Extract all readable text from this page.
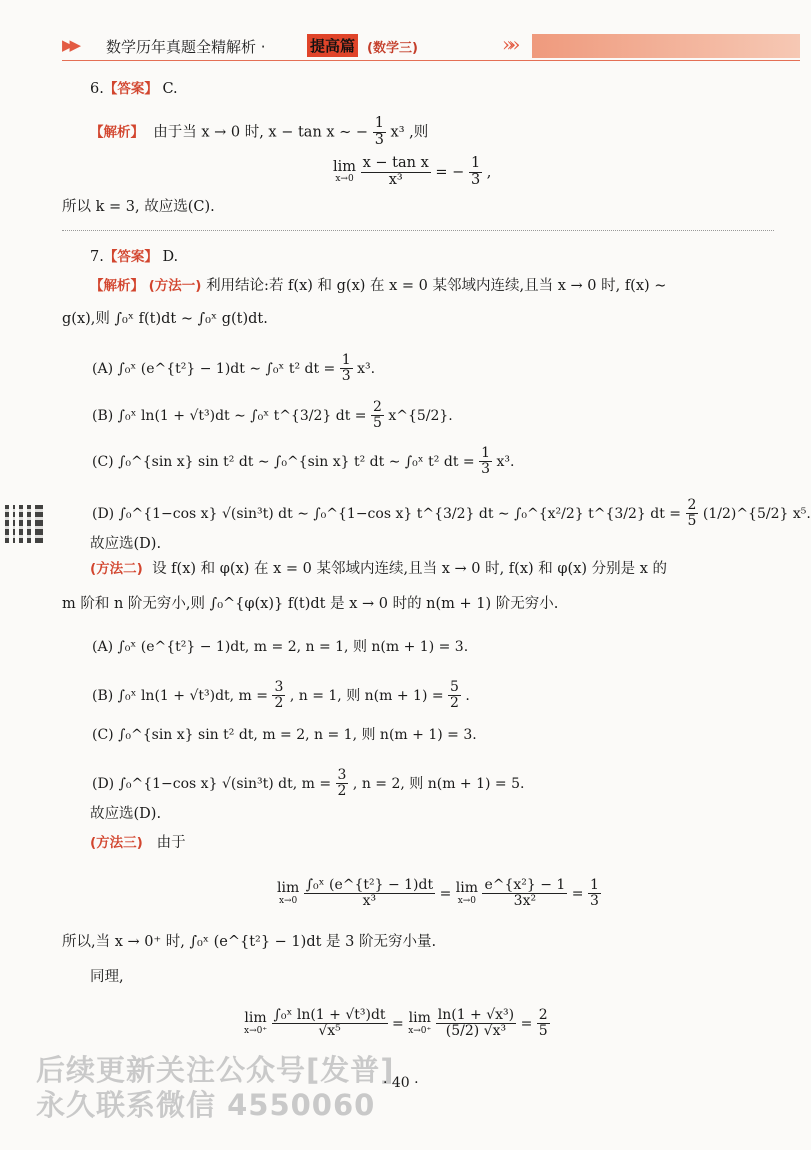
▶▶ 数学历年真题全精解析 ·	提高篇 (数学三)	»»
6.【答案】 C.
【解析】 由于当 x → 0 时, x − tan x ∼ − $\frac{1}{3} x^3$ ,则
lim
x→0
$\frac{\text{x − tan x}}{\text{x³}}$ = − $\frac{1}{3}$ ,
所以 k = 3, 故应选(C).
7.【答案】 D.
【解析】 (方法一) 利用结论:若 f(x) 和 g(x) 在 x = 0 某邻域内连续,且当 x → 0 时, f(x) ∼
g(x),则 ∫₀ˣ f(t)dt ∼ ∫₀ˣ g(t)dt.
(A) ∫₀ˣ (e^{t²} − 1)dt ∼ ∫₀ˣ t² dt = $\frac{1}{3} x^3$.
(B) ∫₀ˣ ln(1 + √t³)dt ∼ ∫₀ˣ t^{3/2} dt = $\frac{2}{5}$ x^{5/2}.
(C) ∫₀^{sin x} sin t² dt ∼ ∫₀^{sin x} t² dt ∼ ∫₀ˣ t² dt = $\frac{1}{3} x^3$.
(D) ∫₀^{1−cos x} √(sin³t) dt ∼ ∫₀^{1−cos x} t^{3/2} dt ∼ ∫₀^{x²/2} t^{3/2} dt = $\frac{2}{5}$ (1/2)^{5/2} x⁵.
故应选(D).
(方法二) 设 f(x) 和 φ(x) 在 x = 0 某邻域内连续,且当 x → 0 时, f(x) 和 φ(x) 分别是 x 的
m 阶和 n 阶无穷小,则 ∫₀^{φ(x)} f(t)dt 是 x → 0 时的 n(m + 1) 阶无穷小.
(A) ∫₀ˣ (e^{t²} − 1)dt, m = 2, n = 1, 则 n(m + 1) = 3.
(B) ∫₀ˣ ln(1 + √t³)dt, $m = \frac{3}{2}$ , n = 1, 则 $n(m + 1) = \frac{5}{2}$ .
(C) ∫₀^{sin x} sin t² dt, m = 2, n = 1, 则 n(m + 1) = 3.
(D) ∫₀^{1−cos x} √(sin³t) dt, $m = \frac{3}{2}$ , n = 2, 则 n(m + 1) = 5.
故应选(D).
(方法三) 由于
lim
x→0
$\frac{\text{∫₀ˣ (e\textasciicircum{}\{t²\} − 1)dt}}{\text{x³}} = \lim$
x→0
$\frac{\text{e\textasciicircum{}\{x²\} − 1}}{\text{3x²}} = \frac{1}{3}$
所以,当 x → 0⁺ 时, ∫₀ˣ (e^{t²} − 1)dt 是 3 阶无穷小量.
同理,
lim
x→0⁺
$\frac{\text{∫₀ˣ ln(1 + √t³)dt}}{\text{√x⁵}} = \lim$
x→0⁺
$\frac{\text{ln(1 + √x³)}}{\text{(5/2) √x³}} = \frac{2}{5}$
后续更新关注公众号[发普]
永久联系微信 4550060
· 40 ·
